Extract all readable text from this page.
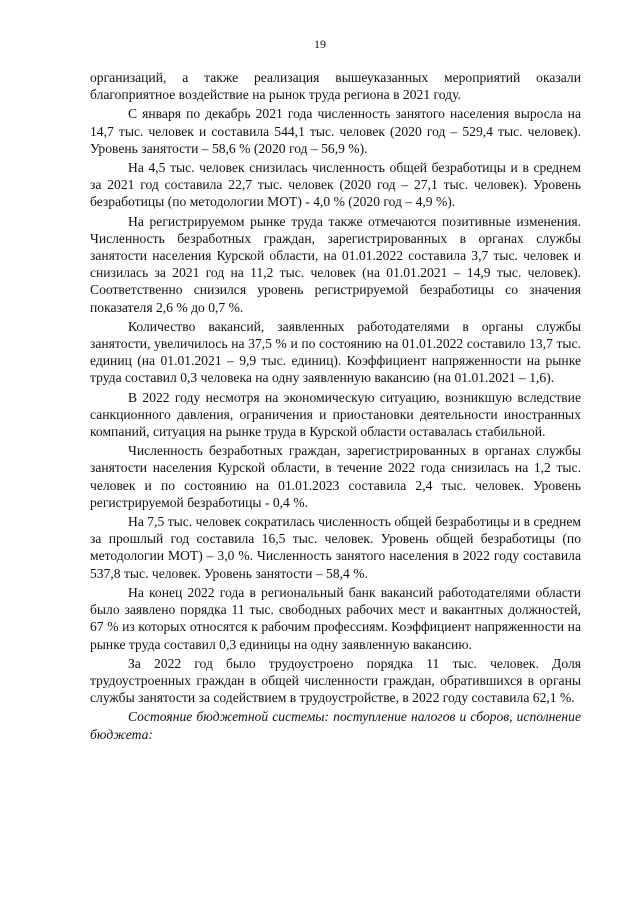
19

организаций, а также реализация вышеуказанных мероприятий оказали благоприятное воздействие на рынок труда региона в 2021 году.

С января по декабрь 2021 года численность занятого населения выросла на 14,7 тыс. человек и составила 544,1 тыс. человек (2020 год – 529,4 тыс. человек). Уровень занятости – 58,6 % (2020 год – 56,9 %).

На 4,5 тыс. человек снизилась численность общей безработицы и в среднем за 2021 год составила 22,7 тыс. человек (2020 год – 27,1 тыс. человек). Уровень безработицы (по методологии МОТ) - 4,0 % (2020 год – 4,9 %).

На регистрируемом рынке труда также отмечаются позитивные изменения. Численность безработных граждан, зарегистрированных в органах службы занятости населения Курской области, на 01.01.2022 составила 3,7 тыс. человек и снизилась за 2021 год на 11,2 тыс. человек (на 01.01.2021 – 14,9 тыс. человек). Соответственно снизился уровень регистрируемой безработицы со значения показателя 2,6 % до 0,7 %.

Количество вакансий, заявленных работодателями в органы службы занятости, увеличилось на 37,5 % и по состоянию на 01.01.2022 составило 13,7 тыс. единиц (на 01.01.2021 – 9,9 тыс. единиц). Коэффициент напряженности на рынке труда составил 0,3 человека на одну заявленную вакансию (на 01.01.2021 – 1,6).

В 2022 году несмотря на экономическую ситуацию, возникшую вследствие санкционного давления, ограничения и приостановки деятельности иностранных компаний, ситуация на рынке труда в Курской области оставалась стабильной.

Численность безработных граждан, зарегистрированных в органах службы занятости населения Курской области, в течение 2022 года снизилась на 1,2 тыс. человек и по состоянию на 01.01.2023 составила 2,4 тыс. человек. Уровень регистрируемой безработицы - 0,4 %.

На 7,5 тыс. человек сократилась численность общей безработицы и в среднем за прошлый год составила 16,5 тыс. человек. Уровень общей безработицы (по методологии МОТ) – 3,0 %. Численность занятого населения в 2022 году составила 537,8 тыс. человек. Уровень занятости – 58,4 %.

На конец 2022 года в региональный банк вакансий работодателями области было заявлено порядка 11 тыс. свободных рабочих мест и вакантных должностей, 67 % из которых относятся к рабочим профессиям. Коэффициент напряженности на рынке труда составил 0,3 единицы на одну заявленную вакансию.

За 2022 год было трудоустроено порядка 11 тыс. человек. Доля трудоустроенных граждан в общей численности граждан, обратившихся в органы службы занятости за содействием в трудоустройстве, в 2022 году составила 62,1 %.

Состояние бюджетной системы: поступление налогов и сборов, исполнение бюджета:
